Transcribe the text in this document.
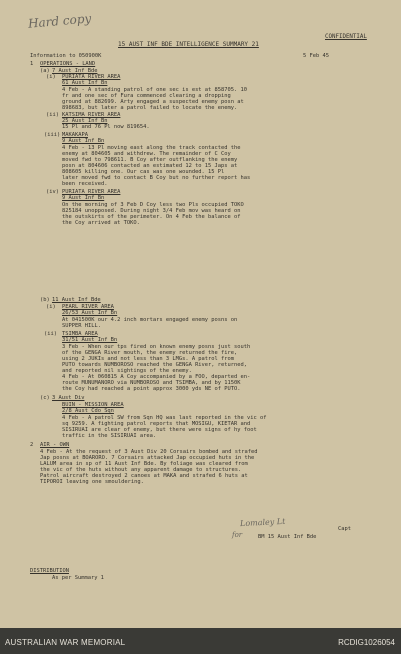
Hard copy
CONFIDENTIAL
15 AUST INF BDE INTELLIGENCE SUMMARY 21
Information to 050900K	5 Feb 45
1 OPERATIONS - LAND
(a) 7 Aust Inf Bde
(i) PURIATA RIVER AREA
61 Aust Inf Bn
4 Feb - A standing patrol of one sec is est at 858705. 10
fr and one sec of Fura commenced clearing a dropping
ground at 882699. Arty engaged a suspected enemy posn at
898683, but later a patrol failed to locate the enemy.
(ii) KATSIMA RIVER AREA
25 Aust Inf Bn
15 Pl and 76 Pl now 819654.
(iii) MAKAKAPA
9 Aust Inf Bn
4 Feb - 13 Pl moving east along the track contacted the
enemy at 804605 and withdrew. The remainder of C Coy
moved fwd to 798611. B Coy after outflanking the enemy
posn at 804606 contacted an estimated 12 to 15 Japs at
808605 killing one. Our cas was one wounded. 15 Pl
later moved fwd to contact B Coy but no further report has
been received.
(iv) PURIATA RIVER AREA
9 Aust Inf Bn
On the morning of 3 Feb D Coy less two Pls occupied TOKO
825184 unopposed. During night 3/4 Feb mov was heard on
the outskirts of the perimeter. On 4 Feb the balance of
the Coy arrived at TOKO.
(b) 11 Aust Inf Bde
(i) PEARL RIVER AREA
26/53 Aust Inf Bn
At 041500K our 4.2 inch mortars engaged enemy posns on
SUPPER HILL.
(ii) TSIMBA AREA
31/51 Aust Inf Bn
3 Feb - When our tps fired on known enemy posns just south
of the GENGA River mouth, the enemy returned the fire,
using 2 JUKIs and not less than 3 LMGs. A patrol from
PUTO towards NUMBOROSO reached the GENGA River, returned,
and reported nil sightings of the enemy.
4 Feb - At 060815 A Coy accompanied by a FOO, departed en-
route MUNUMANORO via NUMBOROSO and TSIMBA, and by 1150K
the Coy had reached a point approx 3000 yds NE of PUTO.
(c) 3 Aust Div
BUIN - MISSION AREA
2/8 Aust Cdo Sqn
4 Feb - A patrol SW from Sqn HQ was last reported in the vic of
sq 9259. A fighting patrol reports that MOSIGU, KIETAR and
SISIRUAI are clear of enemy, but there were signs of hy foot
traffic in the SISIRUAI area.
2 AIR - OWN
4 Feb - At the request of 3 Aust Div 20 Corsairs bombed and strafed
Jap posns at BOARORO. 7 Corsairs attacked Jap occupied huts in the
LALUM area in sp of 11 Aust Inf Bde. By foliage was cleared from
the vic of the huts without any apparent damage to structures.
Patrol aircraft destroyed 2 canoes at MAKA and strafed 6 huts at
TIPOROI leaving one smouldering.
Lomaley Lt
Capt
for	BM 15 Aust Inf Bde
DISTRIBUTION
As per Summary 1
AUSTRALIAN WAR MEMORIAL	RCDIG1026054
